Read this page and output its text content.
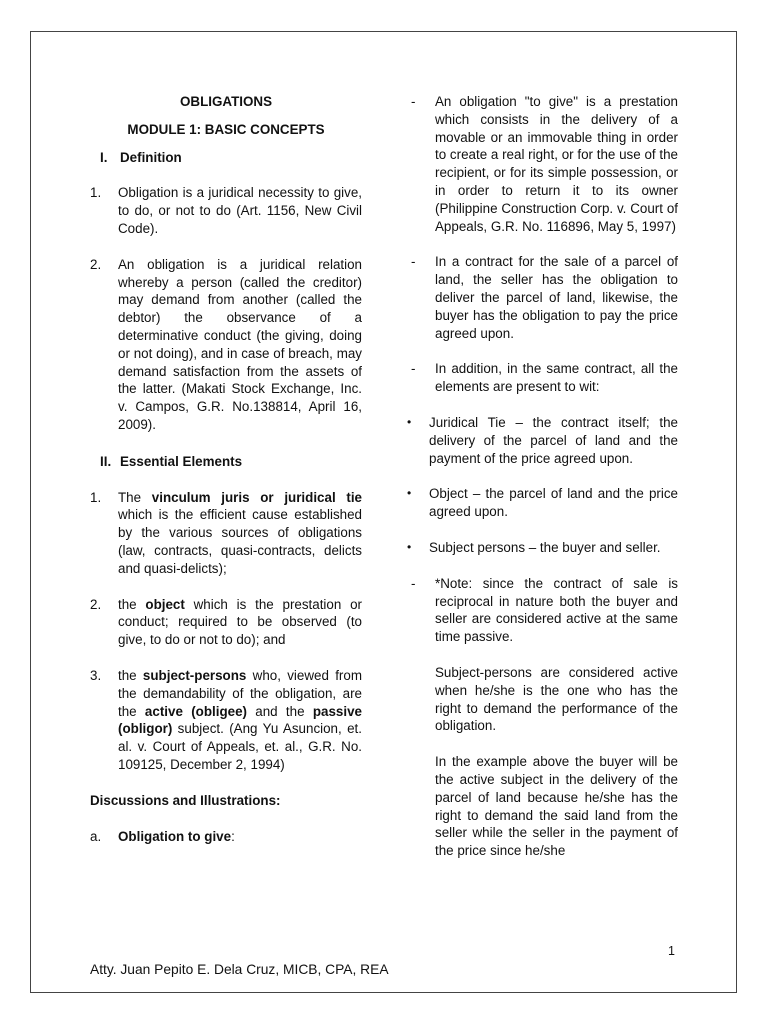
OBLIGATIONS

MODULE 1: BASIC CONCEPTS

I. Definition
1.	Obligation is a juridical necessity to give, to do, or not to do (Art. 1156, New Civil Code).
2.	An obligation is a juridical relation whereby a person (called the creditor) may demand from another (called the debtor) the observance of a determinative conduct (the giving, doing or not doing), and in case of breach, may demand satisfaction from the assets of the latter. (Makati Stock Exchange, Inc. v. Campos, G.R. No.138814, April 16, 2009).
II. Essential Elements
1.	The vinculum juris or juridical tie which is the efficient cause established by the various sources of obligations (law, contracts, quasi-contracts, delicts and quasi-delicts);
2.	the object which is the prestation or conduct; required to be observed (to give, to do or not to do); and
3.	the subject-persons who, viewed from the demandability of the obligation, are the active (obligee) and the passive (obligor) subject. (Ang Yu Asuncion, et. al. v. Court of Appeals, et. al., G.R. No. 109125, December 2, 1994)
Discussions and Illustrations:
a.	Obligation to give:
-	An obligation "to give" is a prestation which consists in the delivery of a movable or an immovable thing in order to create a real right, or for the use of the recipient, or for its simple possession, or in order to return it to its owner (Philippine Construction Corp. v. Court of Appeals, G.R. No. 116896, May 5, 1997)
-	In a contract for the sale of a parcel of land, the seller has the obligation to deliver the parcel of land, likewise, the buyer has the obligation to pay the price agreed upon.
-	In addition, in the same contract, all the elements are present to wit:
•	Juridical Tie – the contract itself; the delivery of the parcel of land and the payment of the price agreed upon.
•	Object – the parcel of land and the price agreed upon.
•	Subject persons – the buyer and seller.
-	*Note: since the contract of sale is reciprocal in nature both the buyer and seller are considered active at the same time passive.
Subject-persons are considered active when he/she is the one who has the right to demand the performance of the obligation.
In the example above the buyer will be the active subject in the delivery of the parcel of land because he/she has the right to demand the said land from the seller while the seller in the payment of the price since he/she
1
Atty. Juan Pepito E. Dela Cruz, MICB, CPA, REA
